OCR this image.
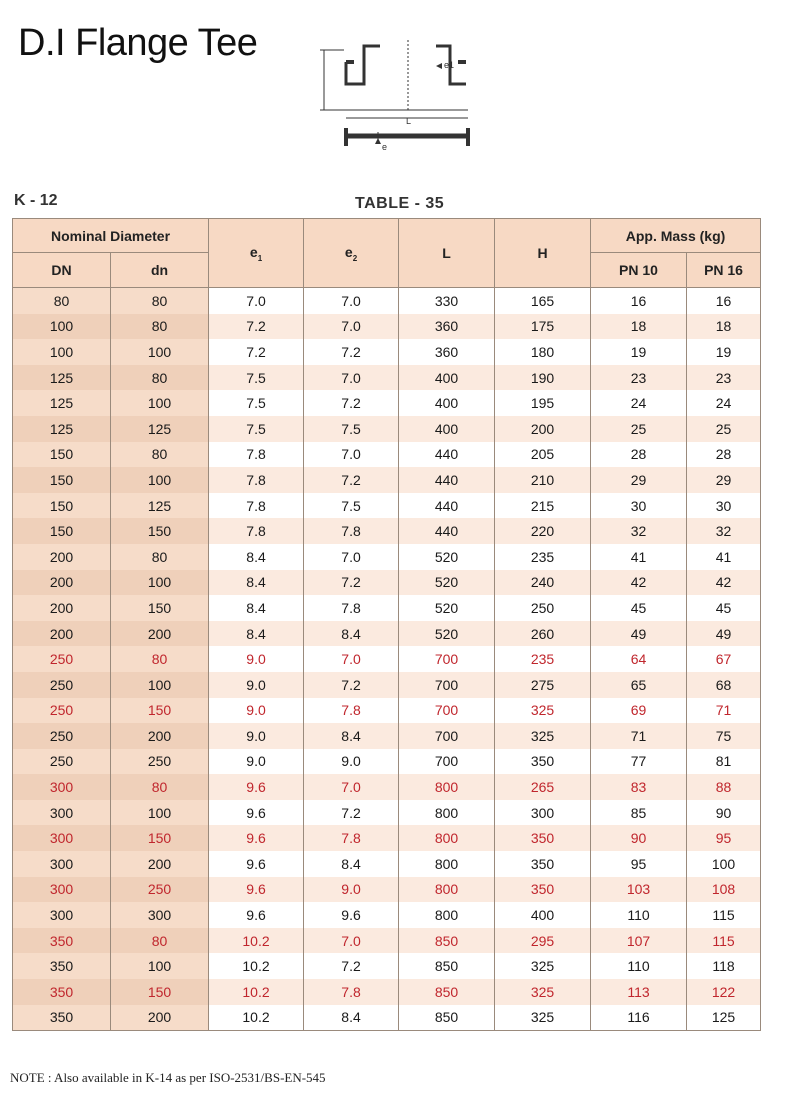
D.I Flange Tee
e1
L
e
K - 12	TABLE - 35
Nominal Diameter		$e_1$	$e_2$	L	H	App. Mass (kg)	
DN	dn					PN 10	PN 16
80	80	7.0	7.0	330	165	16	16
100	80	7.2	7.0	360	175	18	18
100	100	7.2	7.2	360	180	19	19
125	80	7.5	7.0	400	190	23	23
125	100	7.5	7.2	400	195	24	24
125	125	7.5	7.5	400	200	25	25
150	80	7.8	7.0	440	205	28	28
150	100	7.8	7.2	440	210	29	29
150	125	7.8	7.5	440	215	30	30
150	150	7.8	7.8	440	220	32	32
200	80	8.4	7.0	520	235	41	41
200	100	8.4	7.2	520	240	42	42
200	150	8.4	7.8	520	250	45	45
200	200	8.4	8.4	520	260	49	49
250	80	9.0	7.0	700	235	64	67
250	100	9.0	7.2	700	275	65	68
250	150	9.0	7.8	700	325	69	71
250	200	9.0	8.4	700	325	71	75
250	250	9.0	9.0	700	350	77	81
300	80	9.6	7.0	800	265	83	88
300	100	9.6	7.2	800	300	85	90
300	150	9.6	7.8	800	350	90	95
300	200	9.6	8.4	800	350	95	100
300	250	9.6	9.0	800	350	103	108
300	300	9.6	9.6	800	400	110	115
350	80	10.2	7.0	850	295	107	115
350	100	10.2	7.2	850	325	110	118
350	150	10.2	7.8	850	325	113	122
350	200	10.2	8.4	850	325	116	125
NOTE : Also available in K-14 as per ISO-2531/BS-EN-545
